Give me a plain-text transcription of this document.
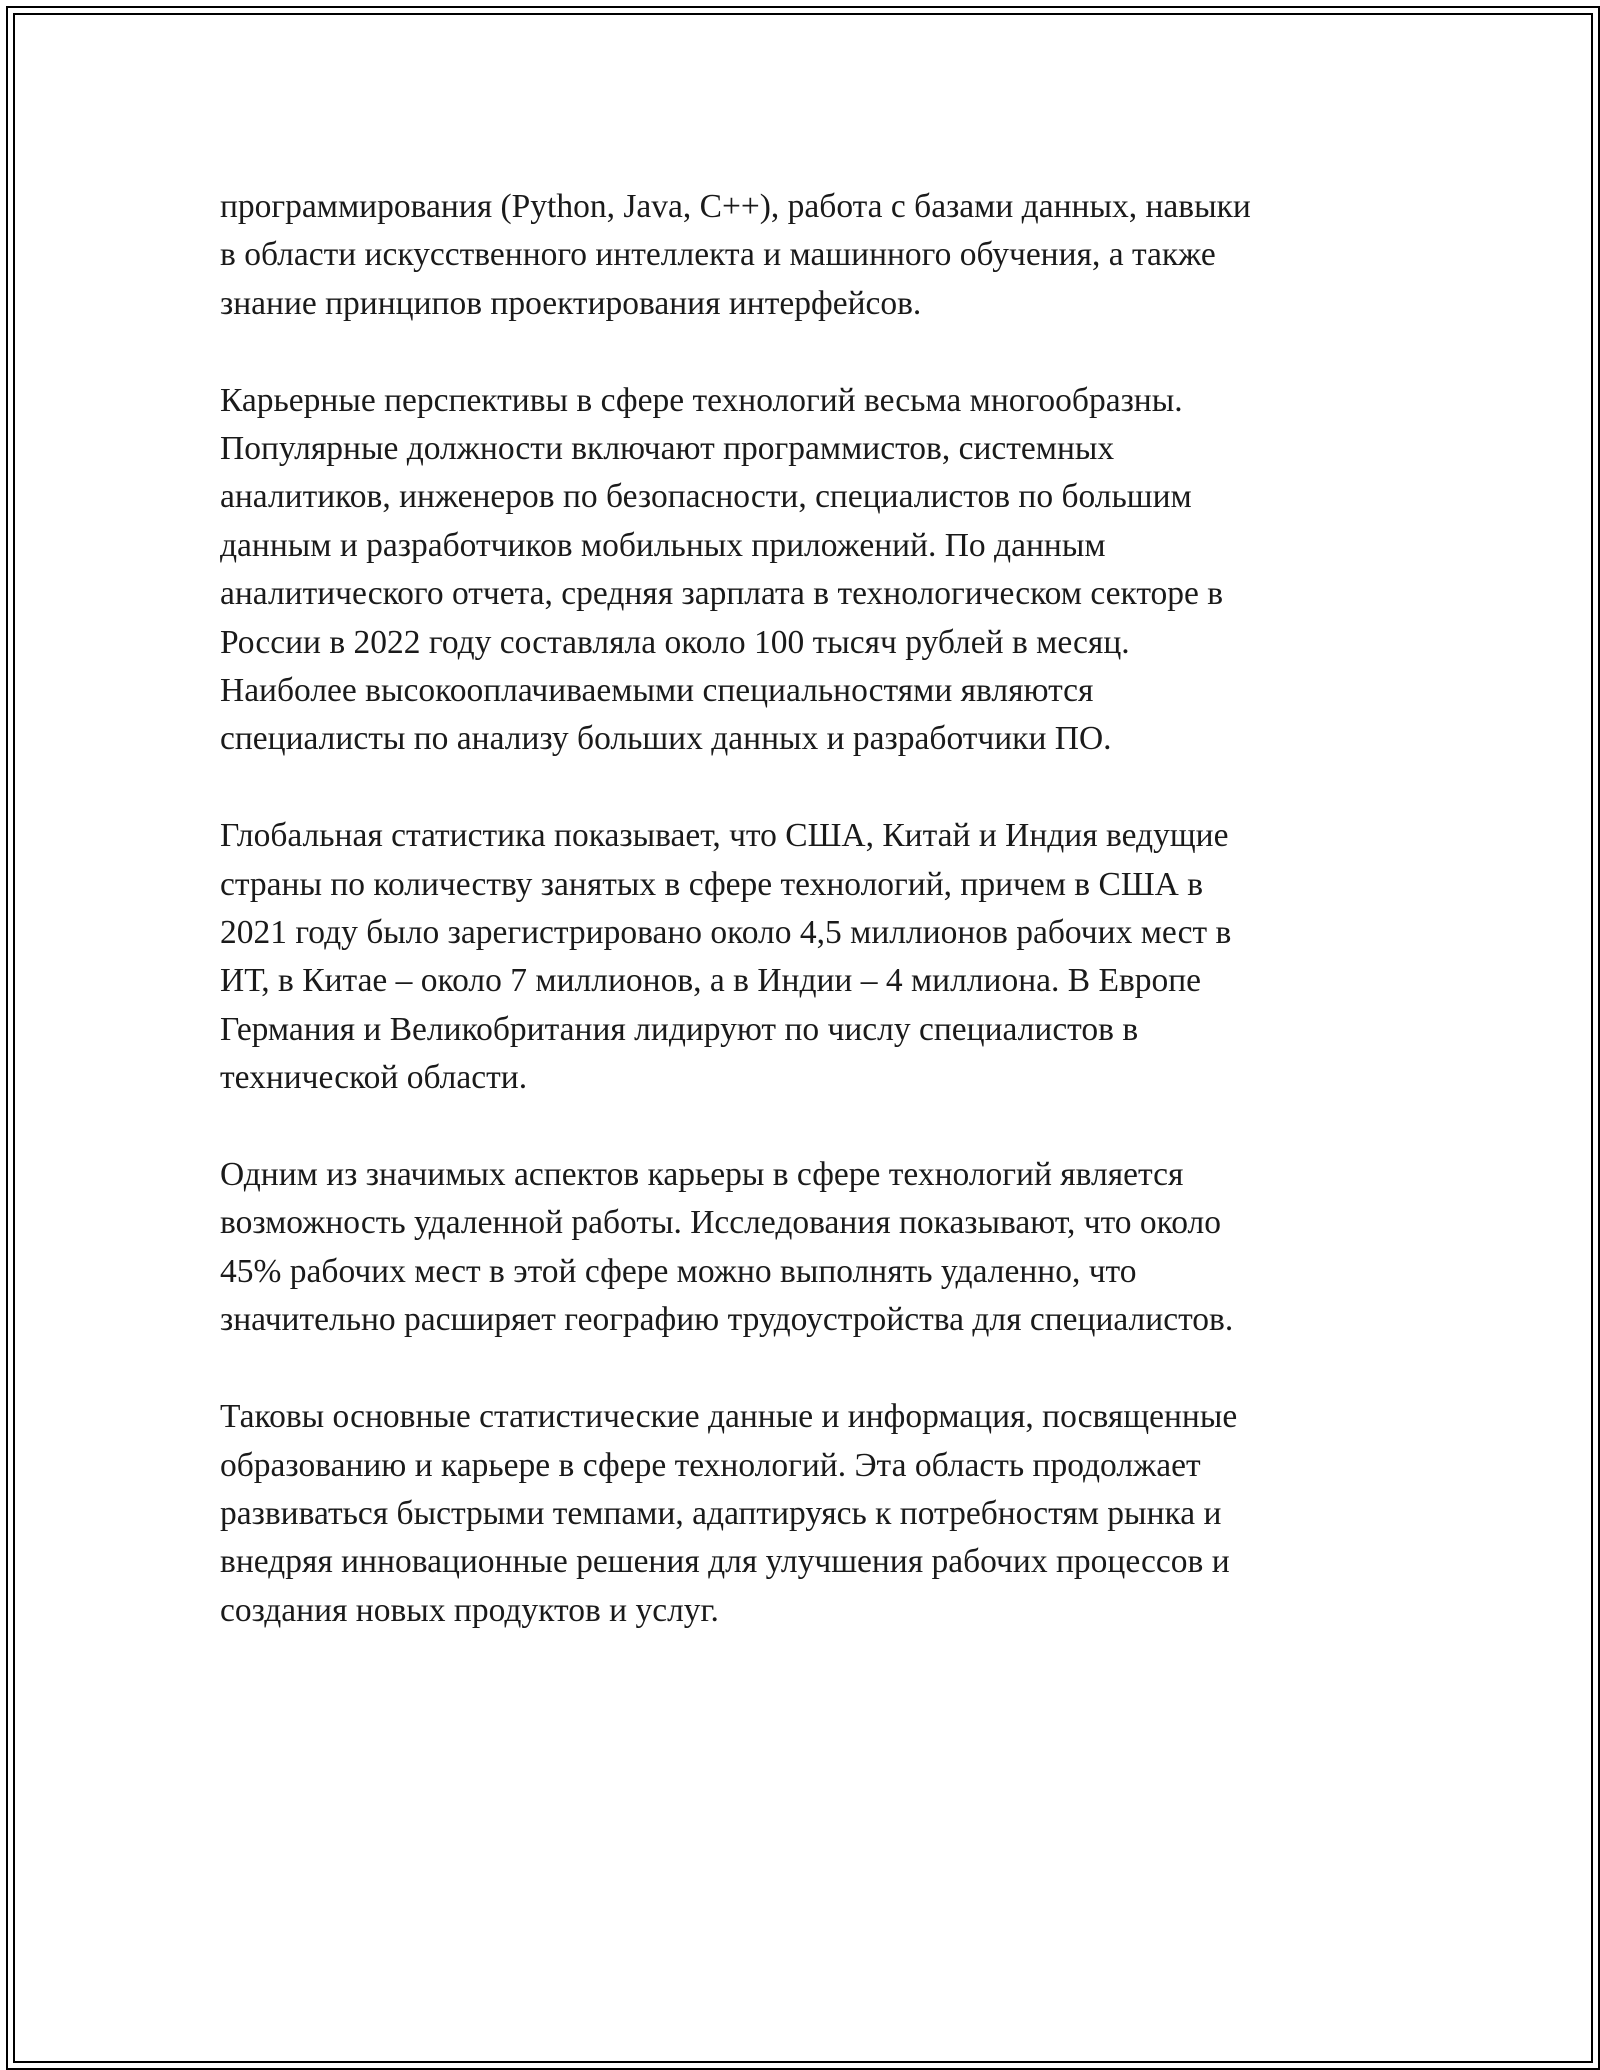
программирования (Python, Java, C++), работа с базами данных, навыки
в области искусственного интеллекта и машинного обучения, а также
знание принципов проектирования интерфейсов.

Карьерные перспективы в сфере технологий весьма многообразны.
Популярные должности включают программистов, системных
аналитиков, инженеров по безопасности, специалистов по большим
данным и разработчиков мобильных приложений. По данным
аналитического отчета, средняя зарплата в технологическом секторе в
России в 2022 году составляла около 100 тысяч рублей в месяц.
Наиболее высокооплачиваемыми специальностями являются
специалисты по анализу больших данных и разработчики ПО.

Глобальная статистика показывает, что США, Китай и Индия ведущие
страны по количеству занятых в сфере технологий, причем в США в
2021 году было зарегистрировано около 4,5 миллионов рабочих мест в
ИТ, в Китае – около 7 миллионов, а в Индии – 4 миллиона. В Европе
Германия и Великобритания лидируют по числу специалистов в
технической области.

Одним из значимых аспектов карьеры в сфере технологий является
возможность удаленной работы. Исследования показывают, что около
45% рабочих мест в этой сфере можно выполнять удаленно, что
значительно расширяет географию трудоустройства для специалистов.

Таковы основные статистические данные и информация, посвященные
образованию и карьере в сфере технологий. Эта область продолжает
развиваться быстрыми темпами, адаптируясь к потребностям рынка и
внедряя инновационные решения для улучшения рабочих процессов и
создания новых продуктов и услуг.
